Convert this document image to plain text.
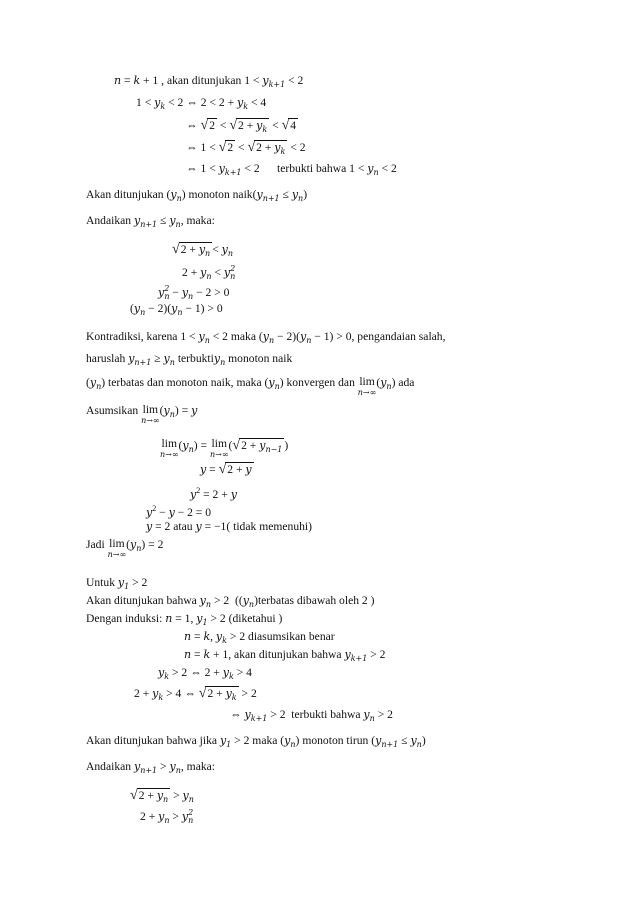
n = k + 1 , akan ditunjukan $1 < y_{k+1} < 2$
$1 < y_k < 2$ ⇔ $2 < 2 + y_k < 4$
⇔ $√2 < √2 + y_k < √4$
⇔ $1 < √2 < √2 + y_k < 2$
⇔ $1 < y_{k+1} < 2$      terbukti bahwa $1 < y_n < 2$
Akan ditunjukan $(y_n)$ monoton $naik(y_{n+1} \le y_n)$
Andaikan $y_{n+1} \le y_n$, maka:
$√2 + y_n < y_n$
$2 + y_n < y^2_n$
$y^2_n - y_n - 2 > 0$
$(y_n - 2)(y_n - 1) > 0$
Kontradiksi, karena $1 < y_n < 2$ maka $(y_n - 2)(y_n - 1) > 0$, pengandaian salah,
haruslah $y_{n+1} \ge y_n$ terbuktiy$_n$ monoton naik
$(y_n)$ terbatas dan monoton naik, maka $(y_n)$ konvergen dan lim
n→∞
$(y_n)$ ada
Asumsikan lim
n→∞
$(y_n) = y$
lim
n→∞
$(y_n) = \lim$
n→∞
($√2 + y_{n-1}$ )
y = √2 + y
$y^2 = 2 + y$
$y^2 - y - 2 = 0$
y = 2 atau y = −1( tidak memenuhi)
Jadi lim
n→∞
$(y_n) = 2$
Untuk $y_1 > 2$
Akan ditunjukan bahwa $y_n > 2$  ($(y_n)terbatas$ dibawah oleh 2 )
Dengan induksi: n = 1, $y_1 > 2$ (diketahui )
n = k, $y_k > 2$ diasumsikan benar
n = k + 1, akan ditunjukan bahwa $y_{k+1} > 2$
$y_k > 2$ ⇔ $2 + y_k > 4$
$2 + y_k > 4$ ⇔ $√2 + y_k > 2$
⇔ $y_{k+1} > 2$  terbukti bahwa $y_n > 2$
Akan ditunjukan bahwa jika $y_1 > 2$ maka $(y_n)$ monoton tirun $(y_{n+1} \le y_n)$
Andaikan $y_{n+1} > y_n$, maka:
$√2 + y_n > y_n$
$2 + y_n > y^2_n$
